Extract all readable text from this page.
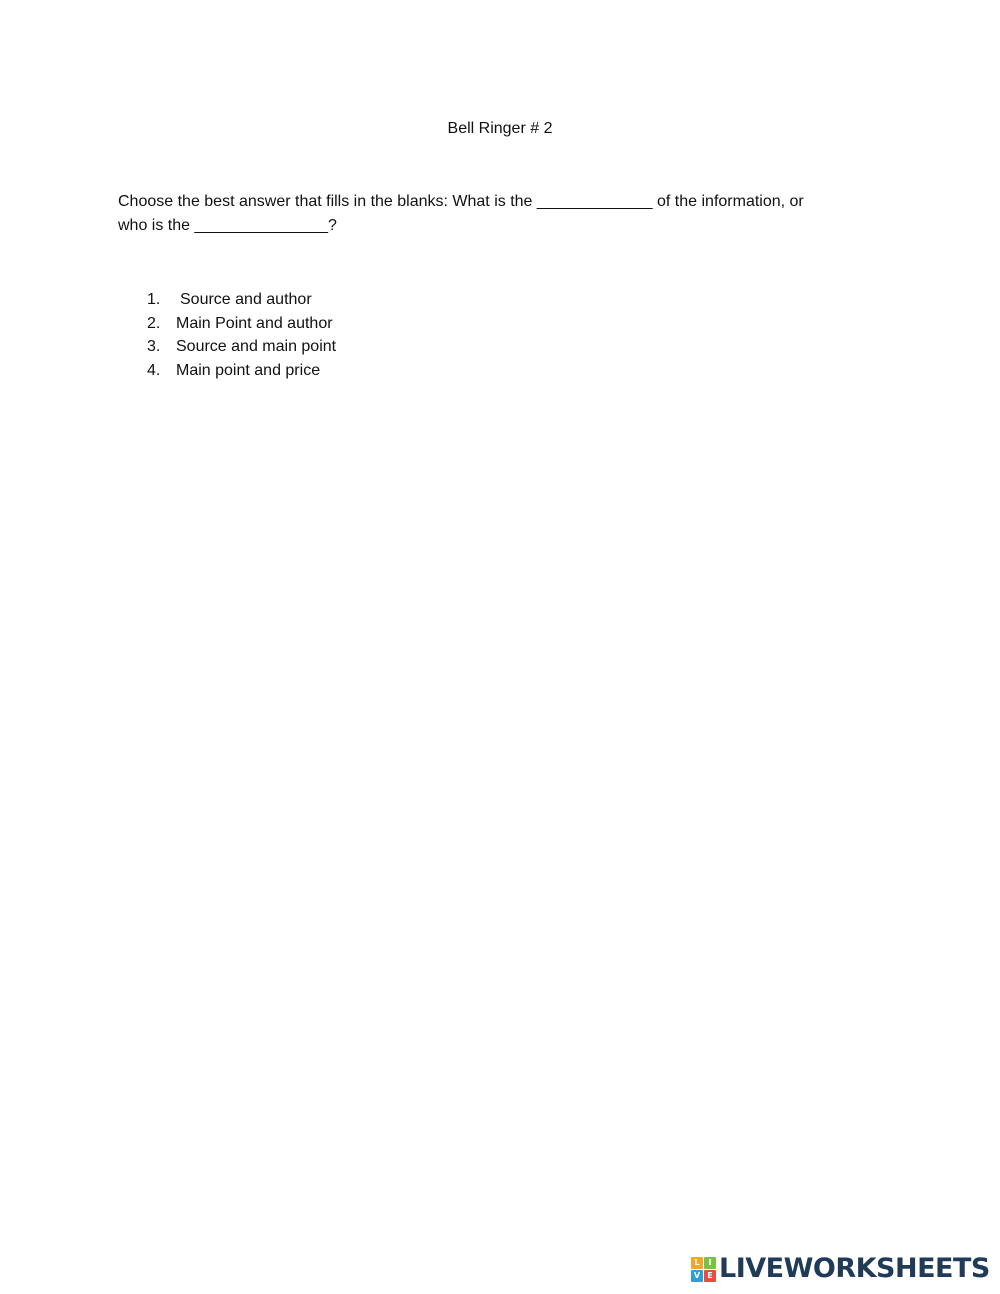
Bell Ringer # 2
Choose the best answer that fills in the blanks: What is the _____________ of the information, or
who is the _______________?
1.	Source and author
2. Main Point and author
3. Source and main point
4. Main point and price
L	I
V E LIVEWORKSHEETS
